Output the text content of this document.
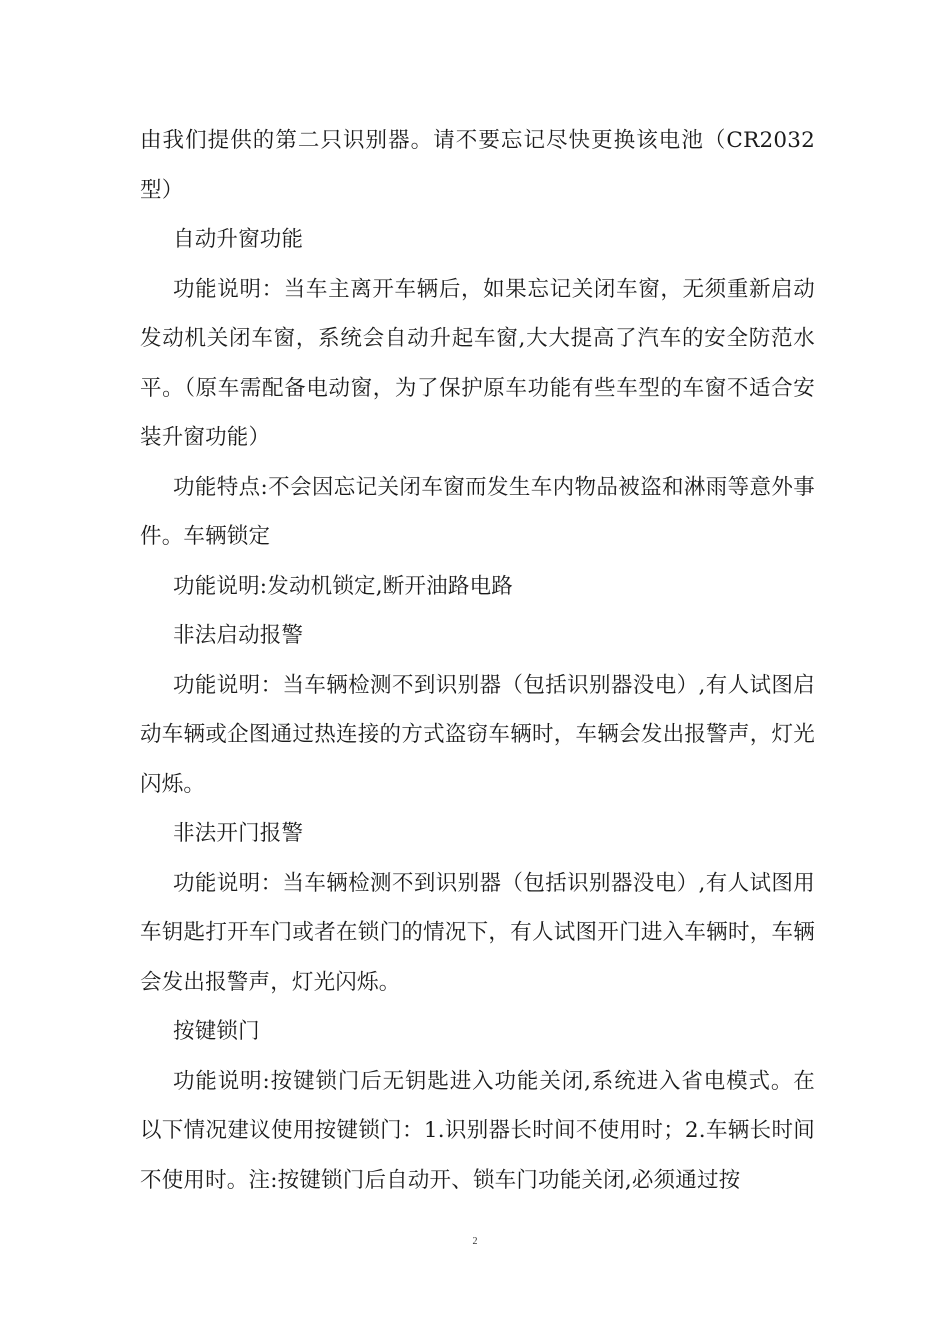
由我们提供的第二只识别器。请不要忘记尽快更换该电池（CR2032型）

自动升窗功能

功能说明：当车主离开车辆后，如果忘记关闭车窗，无须重新启动发动机关闭车窗，系统会自动升起车窗,大大提高了汽车的安全防范水平。（原车需配备电动窗，为了保护原车功能有些车型的车窗不适合安装升窗功能）

功能特点:不会因忘记关闭车窗而发生车内物品被盗和淋雨等意外事件。车辆锁定

功能说明:发动机锁定,断开油路电路

非法启动报警

功能说明：当车辆检测不到识别器（包括识别器没电）,有人试图启动车辆或企图通过热连接的方式盗窃车辆时，车辆会发出报警声，灯光闪烁。

非法开门报警

功能说明：当车辆检测不到识别器（包括识别器没电）,有人试图用车钥匙打开车门或者在锁门的情况下，有人试图开门进入车辆时，车辆会发出报警声，灯光闪烁。

按键锁门

功能说明:按键锁门后无钥匙进入功能关闭,系统进入省电模式。在以下情况建议使用按键锁门：1.识别器长时间不使用时；2.车辆长时间不使用时。注:按键锁门后自动开、锁车门功能关闭,必须通过按

2
